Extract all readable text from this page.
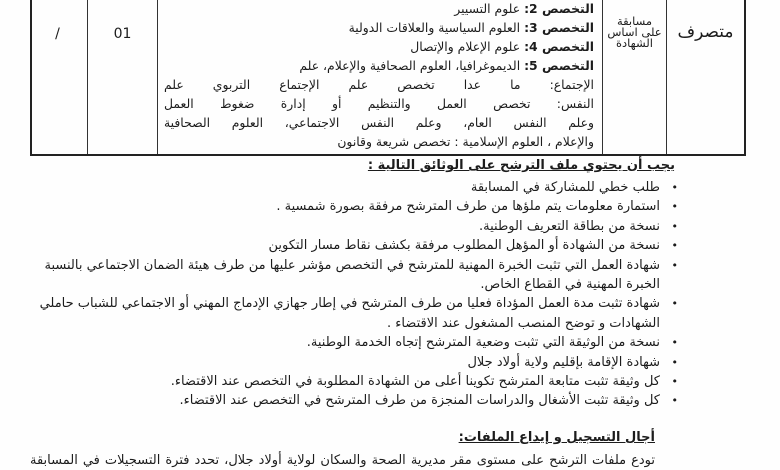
متصرف
مسابقة
على اساس
الشهادة
التخصص 2: علوم التسيير
التخصص 3: العلوم السياسية والعلاقات الدولية
التخصص 4: علوم الإعلام والإتصال
التخصص 5: الديموغرافيا، العلوم الصحافية والإعلام، علم
الإجتماع: ما عدا تخصص علم الإجتماع التربوي علم
النفس: تخصص العمل والتنظيم أو إدارة ضغوط العمل
وعلم النفس العام، وعلم النفس الاجتماعي، العلوم الصحافية
والإعلام ، العلوم الإسلامية : تخصص شريعة وقانون
01
/
يجب أن يحتوي ملف الترشح على الوثائق التالية :
•
طلب خطي للمشاركة في المسابقة
•
استمارة معلومات يتم ملؤها من طرف المترشح مرفقة بصورة شمسية .
•
نسخة من بطاقة التعريف الوطنية.
•
نسخة من الشهادة أو المؤهل المطلوب مرفقة بكشف نقاط مسار التكوين
•
شهادة العمل التي تثبت الخبرة المهنية للمترشح في التخصص مؤشر عليها من طرف هيئة الضمان الاجتماعي بالنسبة الخبرة المهنية في القطاع الخاص.
•
شهادة تثبت مدة العمل المؤداة فعليا من طرف المترشح في إطار جهازي الإدماج المهني أو الاجتماعي للشباب حاملي الشهادات و توضح المنصب المشغول عند الاقتضاء .
•
نسخة من الوثيقة التي تثبت وضعية المترشح إتجاه الخدمة الوطنية.
•
شهادة الإقامة بإقليم ولاية أولاد جلال
•
كل وثيقة تثبت متابعة المترشح تكوينا أعلى من الشهادة المطلوبة في التخصص عند الاقتضاء.
•
كل وثيقة تثبت الأشغال والدراسات المنجزة من طرف المترشح في التخصص عند الاقتضاء.
أجال التسجيل و إيداع الملفات:
تودع ملفات الترشح على مستوى مقر مديرية الصحة والسكان لولاية أولاد جلال، تحدد فترة التسجيلات في المسابقة
